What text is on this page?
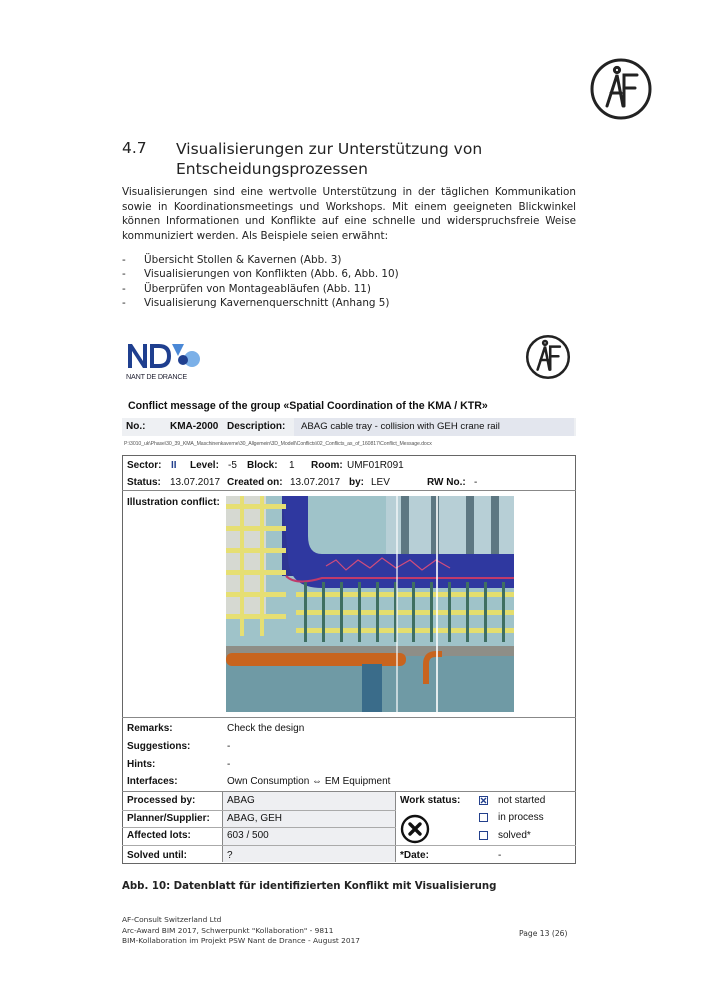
4.7 Visualisierungen zur Unterstützung von Entscheidungsprozessen
Visualisierungen sind eine wertvolle Unterstützung in der täglichen Kommunikation sowie in Koordinationsmeetings und Workshops. Mit einem geeigneten Blickwinkel können Informationen und Konflikte auf eine schnelle und widerspruchsfreie Weise kommuniziert werden. Als Beispiele seien erwähnt:
- Übersicht Stollen & Kavernen (Abb. 3)
- Visualisierungen von Konflikten (Abb. 6, Abb. 10)
- Überprüfen von Montageabläufen (Abb. 11)
- Visualisierung Kavernenquerschnitt (Anhang 5)
NANT DE DRANCE
Conflict message of the group «Spatial Coordination of the KMA / KTR»
No.: KMA-2000 Description: ABAG cable tray - collision with GEH crane rail
P:\3010_uk\Phase\30_39_KMA_Maschinenkaverne\30_Allgemein\3D_Modell\Conflicts\02_Conflicts_as_of_160817\Conflict_Message.docx
Sector: II Level: -5 Block: 1 Room: UMF01R091
Status: 13.07.2017 Created on: 13.07.2017 by: LEV	RW No.: -
Illustration conflict:
Remarks:	Check the design
Suggestions:	-
Hints:	-
Interfaces:	Own Consumption ⇔ EM Equipment
Processed by:	ABAG
Planner/Supplier: ABAG, GEH
Affected lots:	603 / 500
Solved until:	?
Work status:	not started
in process
solved*
*Date:	-
Abb. 10: Datenblatt für identifizierten Konflikt mit Visualisierung
AF-Consult Switzerland Ltd
Arc-Award BIM 2017, Schwerpunkt "Kollaboration" - 9811
BIM-Kollaboration im Projekt PSW Nant de Drance - August 2017
Page 13 (26)
